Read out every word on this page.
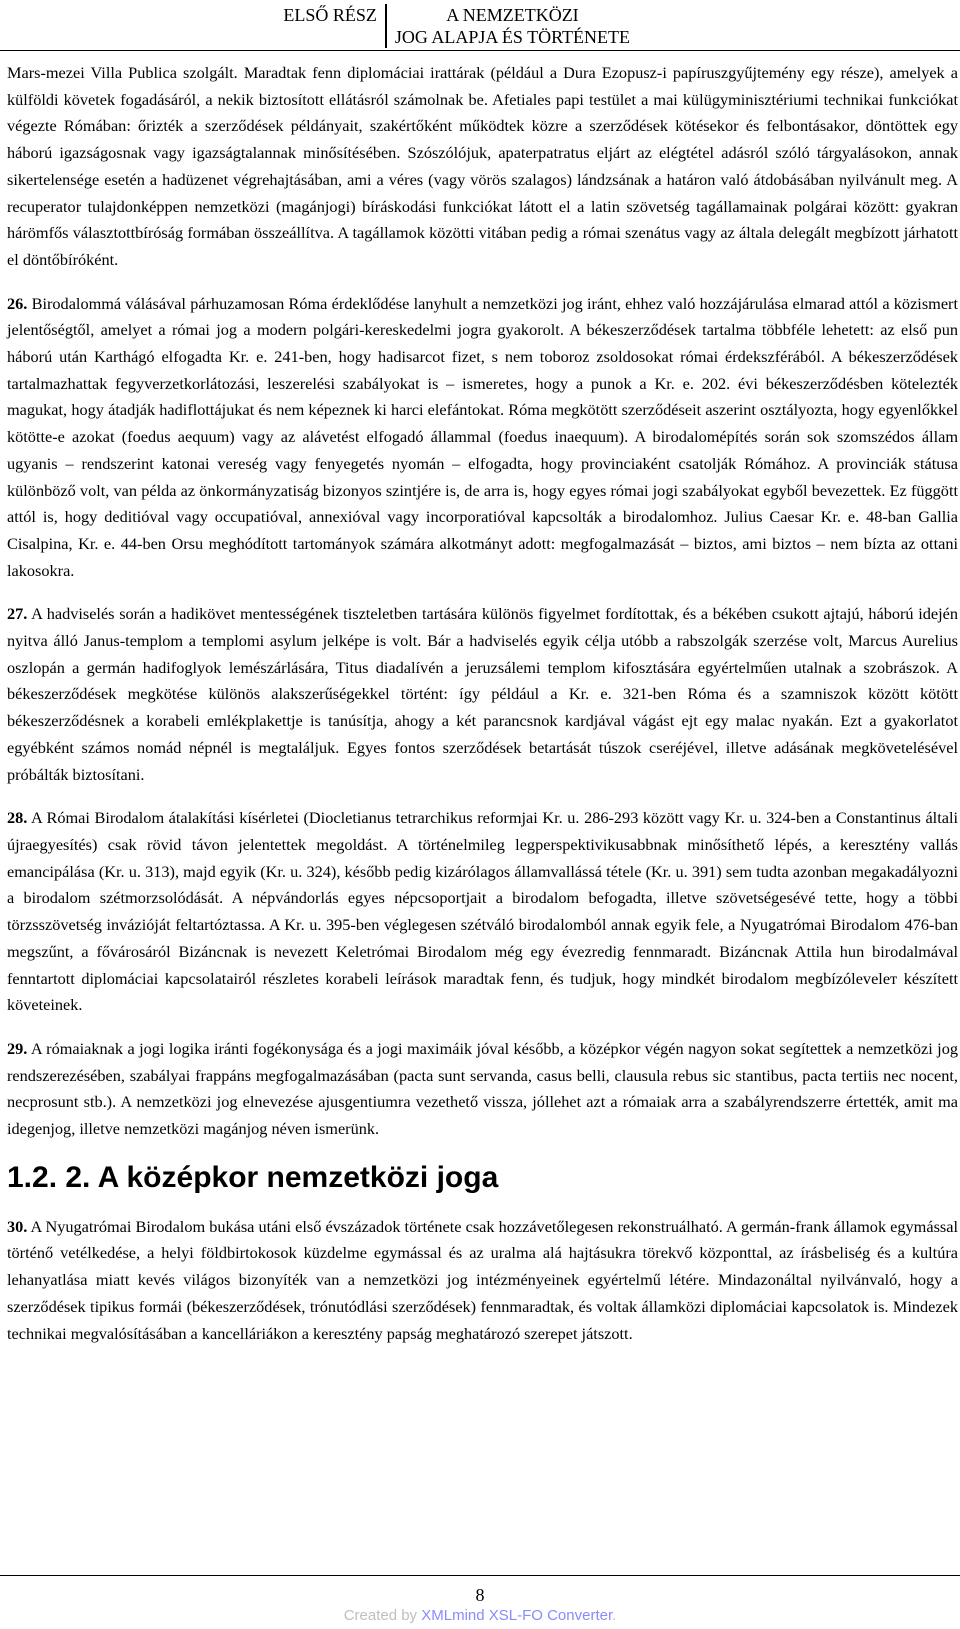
ELSŐ RÉSZ	A NEMZETKÖZI
JOG ALAPJA ÉS TÖRTÉNETE

Mars-mezei Villa Publica szolgált. Maradtak fenn diplomáciai irattárak (például a Dura Ezopusz-i papíruszgyűjtemény egy része), amelyek a külföldi követek fogadásáról, a nekik biztosított ellátásról számolnak be. Afetiales papi testület a mai külügyminisztériumi technikai funkciókat végezte Rómában: őrizték a szerződések példányait, szakértőként működtek közre a szerződések kötésekor és felbontásakor, döntöttek egy háború igazságosnak vagy igazságtalannak minősítésében. Szószólójuk, apaterpatratus eljárt az elégtétel adásról szóló tárgyalásokon, annak sikertelensége esetén a hadüzenet végrehajtásában, ami a véres (vagy vörös szalagos) lándzsának a határon való átdobásában nyilvánult meg. A recuperator tulajdonképpen nemzetközi (magánjogi) bíráskodási funkciókat látott el a latin szövetség tagállamainak polgárai között: gyakran hárömfős választottbíróság formában összeállítva. A tagállamok közötti vitában pedig a római szenátus vagy az általa delegált megbízott járhatott el döntőbíróként.

26. Birodalommá válásával párhuzamosan Róma érdeklődése lanyhult a nemzetközi jog iránt, ehhez való hozzájárulása elmarad attól a közismert jelentőségtől, amelyet a római jog a modern polgári-kereskedelmi jogra gyakorolt. A békeszerződések tartalma többféle lehetett: az első pun háború után Karthágó elfogadta Kr. e. 241-ben, hogy hadisarcot fizet, s nem toboroz zsoldosokat római érdekszférából. A békeszerződések tartalmazhattak fegyverzetkorlátozási, leszerelési szabályokat is – ismeretes, hogy a punok a Kr. e. 202. évi békeszerződésben kötelezték magukat, hogy átadják hadiflottájukat és nem képeznek ki harci elefántokat. Róma megkötött szerződéseit aszerint osztályozta, hogy egyenlőkkel kötötte-e azokat (foedus aequum) vagy az alávetést elfogadó állammal (foedus inaequum). A birodalomépítés során sok szomszédos állam ugyanis – rendszerint katonai vereség vagy fenyegetés nyomán – elfogadta, hogy provinciaként csatolják Rómához. A provinciák státusa különböző volt, van példa az önkormányzatiság bizonyos szintjére is, de arra is, hogy egyes római jogi szabályokat egyből bevezettek. Ez függött attól is, hogy deditióval vagy occupatióval, annexióval vagy incorporatióval kapcsolták a birodalomhoz. Julius Caesar Kr. e. 48-ban Gallia Cisalpina, Kr. e. 44-ben Orsu meghódított tartományok számára alkotmányt adott: megfogalmazását – biztos, ami biztos – nem bízta az ottani lakosokra.

27. A hadviselés során a hadikövet mentességének tiszteletben tartására különös figyelmet fordítottak, és a békében csukott ajtajú, háború idején nyitva álló Janus-templom a templomi asylum jelképe is volt. Bár a hadviselés egyik célja utóbb a rabszolgák szerzése volt, Marcus Aurelius oszlopán a germán hadifoglyok lemészárlására, Titus diadalívén a jeruzsálemi templom kifosztására egyértelműen utalnak a szobrászok. A békeszerződések megkötése különös alakszerűségekkel történt: így például a Kr. e. 321-ben Róma és a szamniszok között kötött békeszerződésnek a korabeli emlékplakettje is tanúsítja, ahogy a két parancsnok kardjával vágást ejt egy malac nyakán. Ezt a gyakorlatot egyébként számos nomád népnél is megtaláljuk. Egyes fontos szerződések betartását túszok cseréjével, illetve adásának megkövetelésével próbálták biztosítani.

28. A Római Birodalom átalakítási kísérletei (Diocletianus tetrarchikus reformjai Kr. u. 286-293 között vagy Kr. u. 324-ben a Constantinus általi újraegyesítés) csak rövid távon jelentettek megoldást. A történelmileg legperspektivikusabbnak minősíthető lépés, a keresztény vallás emancipálása (Kr. u. 313), majd egyik (Kr. u. 324), később pedig kizárólagos államvallássá tétele (Kr. u. 391) sem tudta azonban megakadályozni a birodalom szétmorzsolódását. A népvándorlás egyes népcsoportjait a birodalom befogadta, illetve szövetségesévé tette, hogy a többi törzsszövetség invázióját feltartóztassa. A Kr. u. 395-ben véglegesen szétváló birodalomból annak egyik fele, a Nyugatrómai Birodalom 476-ban megszűnt, a fővárosáról Bizáncnak is nevezett Keletrómai Birodalom még egy évezredig fennmaradt. Bizáncnak Attila hun birodalmával fenntartott diplomáciai kapcsolatairól részletes korabeli leírások maradtak fenn, és tudjuk, hogy mindkét birodalom megbízóleveleт készített követeinek.

29. A rómaiaknak a jogi logika iránti fogékonysága és a jogi maximáik jóval később, a középkor végén nagyon sokat segítettek a nemzetközi jog rendszerezésében, szabályai frappáns megfogalmazásában (pacta sunt servanda, casus belli, clausula rebus sic stantibus, pacta tertiis nec nocent, necprosunt stb.). A nemzetközi jog elnevezése ajusgentiumra vezethető vissza, jóllehet azt a rómaiak arra a szabályrendszerre értették, amit ma idegenjog, illetve nemzetközi magánjog néven ismerünk.

1.2. 2. A középkor nemzetközi joga

30. A Nyugatrómai Birodalom bukása utáni első évszázadok története csak hozzávetőlegesen rekonstruálható. A germán-frank államok egymással történő vetélkedése, a helyi földbirtokosok küzdelme egymással és az uralma alá hajtásukra törekvő központtal, az írásbeliség és a kultúra lehanyatlása miatt kevés világos bizonyíték van a nemzetközi jog intézményeinek egyértelmű létére. Mindazonáltal nyilvánvaló, hogy a szerződések tipikus formái (békeszerződések, trónutódlási szerződések) fennmaradtak, és voltak államközi diplomáciai kapcsolatok is. Mindezek technikai megvalósításában a kancelláriákon a keresztény papság meghatározó szerepet játszott.

8
Created by XMLmind XSL-FO Converter.
